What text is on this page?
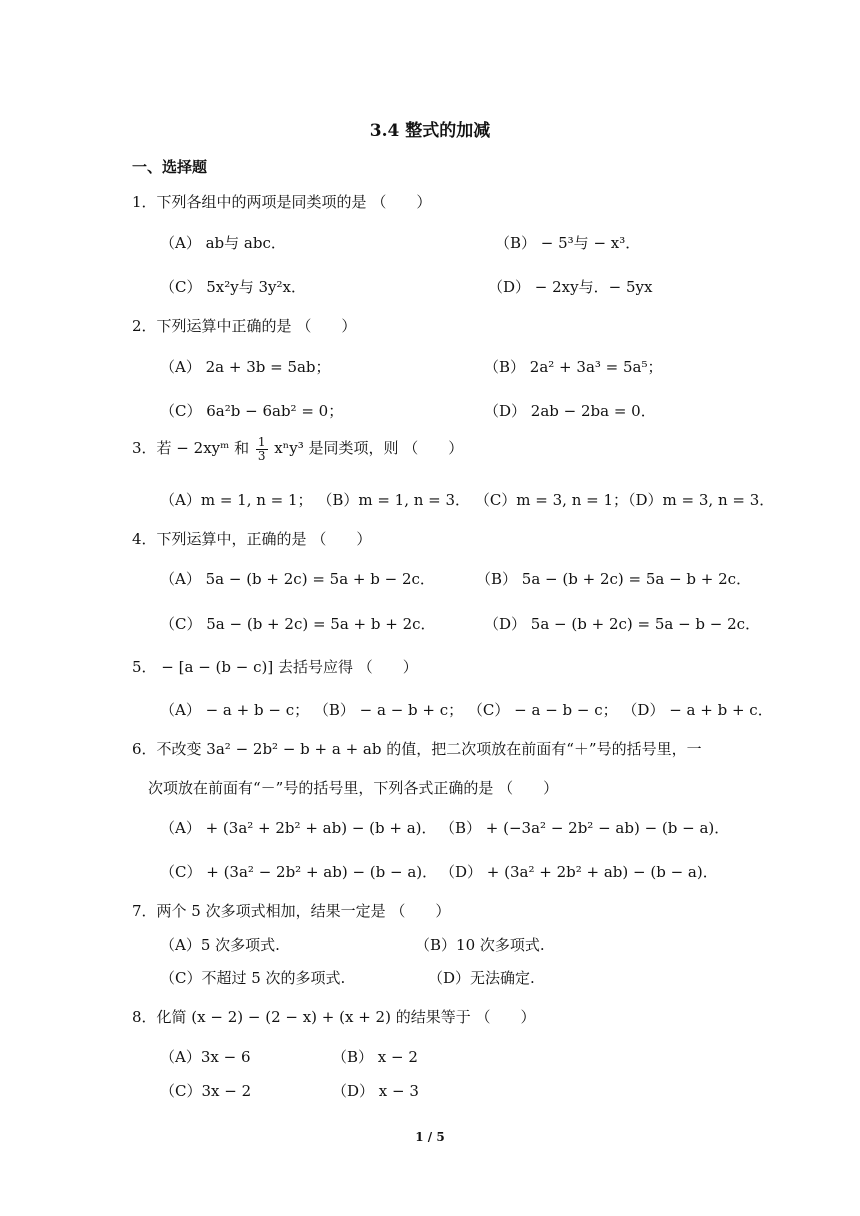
3.4 整式的加减
一、选择题
1．下列各组中的两项是同类项的是 （　　）
（A） ab与 abc．	（B） − 5³与 − x³．
（C） 5x²y与 3y²x．	（D） − 2xy与．− 5yx
2．下列运算中正确的是 （　　）
（A） 2a + 3b = 5ab；	（B） 2a² + 3a³ = 5a⁵；
（C） 6a²b − 6ab² = 0；	（D） 2ab − 2ba = 0．
3．若 − 2xyᵐ 和 $\frac{1}{3} x^ny^3$ 是同类项，则 （　　）
（A）m = 1, n = 1； （B）m = 1, n = 3． （C）m = 3, n = 1；（D）m = 3, n = 3．
4．下列运算中，正确的是 （　　）
（A） 5a − (b + 2c) = 5a + b − 2c．	（B） 5a − (b + 2c) = 5a − b + 2c．
（C） 5a − (b + 2c) = 5a + b + 2c．	（D） 5a − (b + 2c) = 5a − b − 2c．
5． − [a − (b − c)] 去括号应得 （　　）
（A） − a + b − c； （B） − a − b + c； （C） − a − b − c； （D） − a + b + c．
6．不改变 3a² − 2b² − b + a + ab 的值，把二次项放在前面有“＋”号的括号里，一
次项放在前面有“－”号的括号里，下列各式正确的是 （　　）
（A） + (3a² + 2b² + ab) − (b + a)． （B） + (−3a² − 2b² − ab) − (b − a)．
（C） + (3a² − 2b² + ab) − (b − a)． （D） + (3a² + 2b² + ab) − (b − a)．
7．两个 5 次多项式相加，结果一定是 （　　）
（A）5 次多项式.	（B）10 次多项式.
（C）不超过 5 次的多项式.	（D）无法确定.
8．化简 (x − 2) − (2 − x) + (x + 2) 的结果等于 （　　）
（A）3x − 6	（B） x − 2
（C）3x − 2	（D） x − 3
1 / 5
